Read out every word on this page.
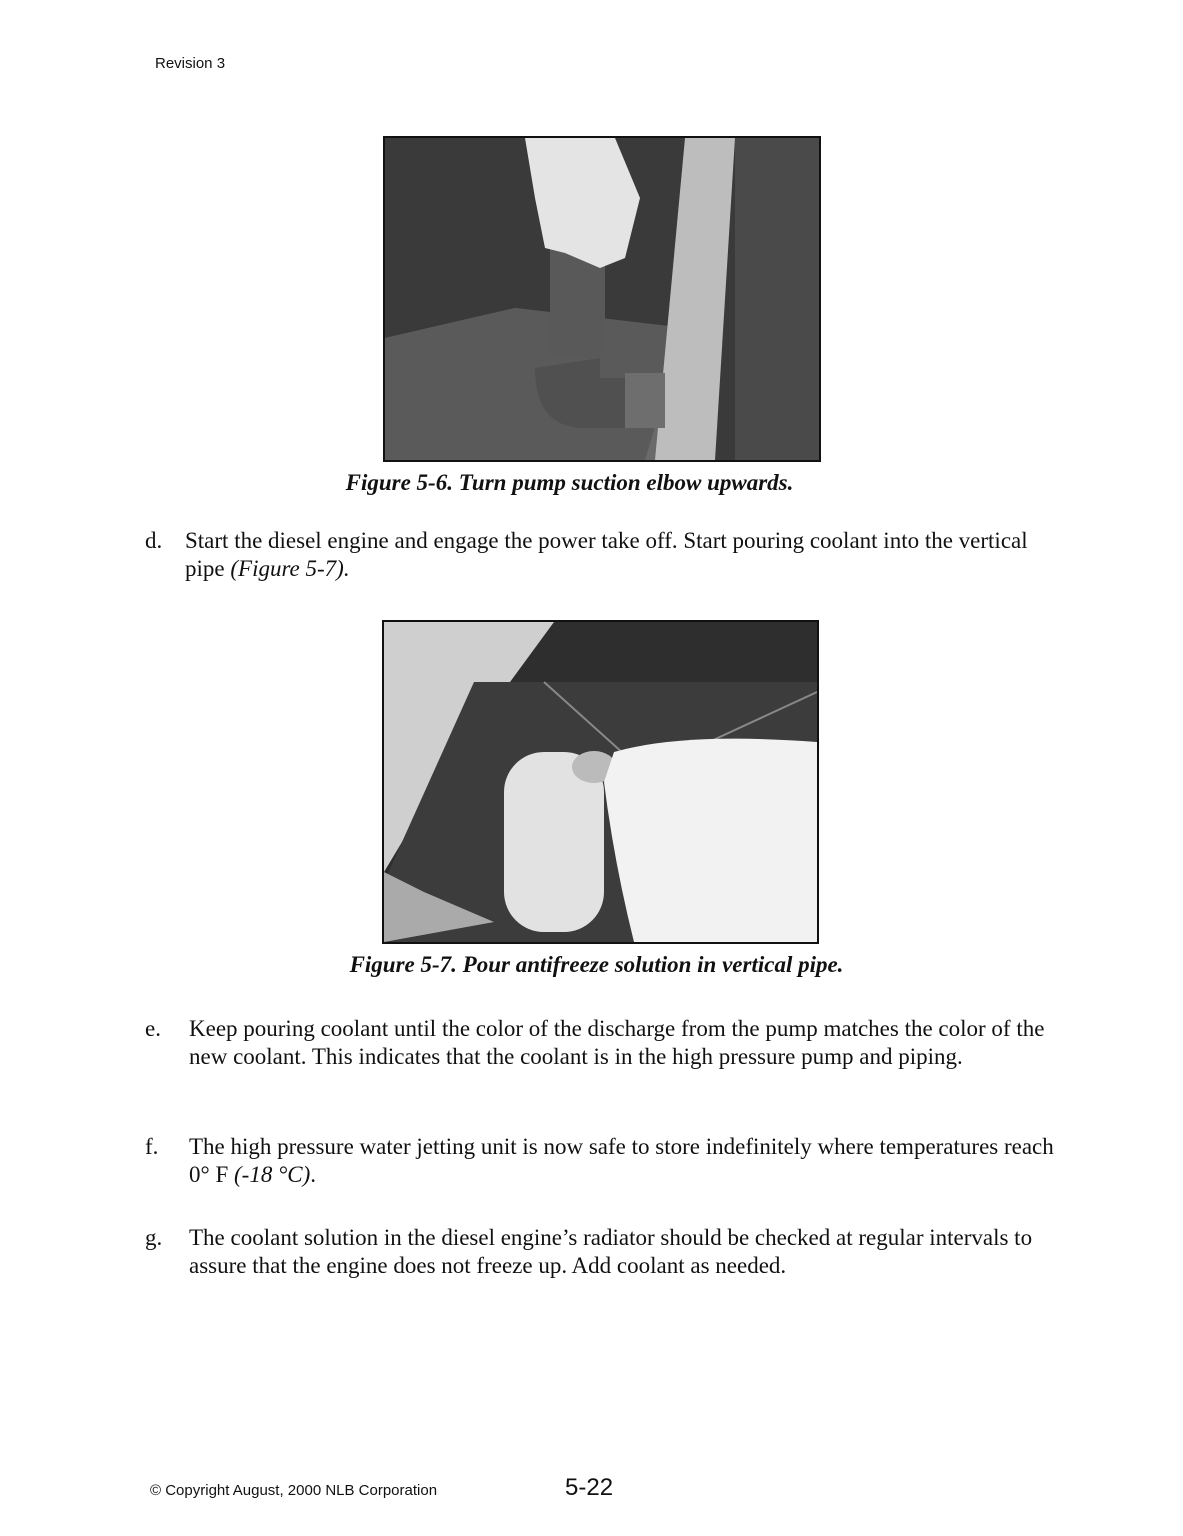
Revision 3
Figure 5-6. Turn pump suction elbow upwards.
d. Start the diesel engine and engage the power take off. Start pouring coolant into the vertical pipe (Figure 5-7).
Figure 5-7. Pour antifreeze solution in vertical pipe.
e. Keep pouring coolant until the color of the discharge from the pump matches the color of the new coolant. This indicates that the coolant is in the high pressure pump and piping.
f. The high pressure water jetting unit is now safe to store indefinitely where temperatures reach 0° F (-18 °C).
g. The coolant solution in the diesel engine’s radiator should be checked at regular intervals to assure that the engine does not freeze up. Add coolant as needed.
© Copyright August, 2000 NLB Corporation	5-22
